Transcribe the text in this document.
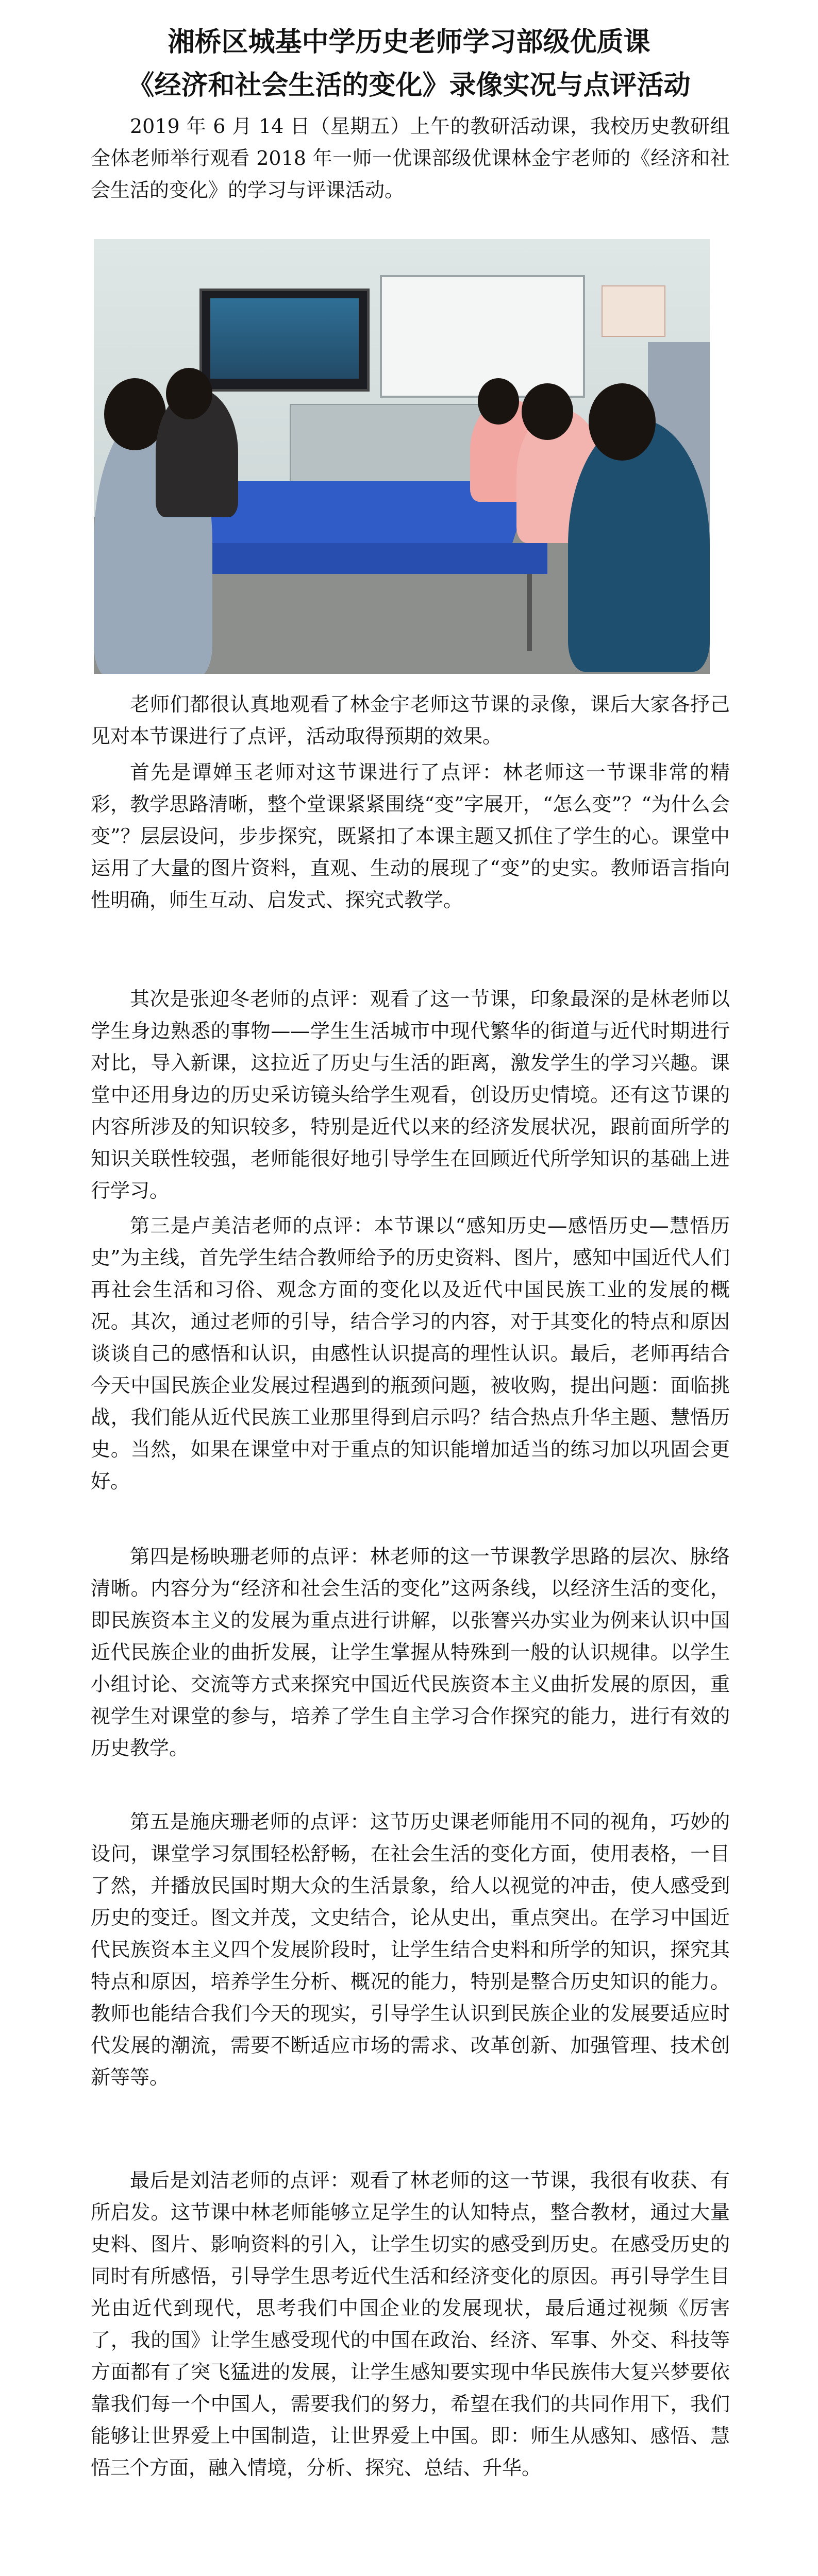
湘桥区城基中学历史老师学习部级优质课
《经济和社会生活的变化》录像实况与点评活动

2019 年 6 月 14 日（星期五）上午的教研活动课，我校历史教研组全体老师举行观看 2018 年一师一优课部级优课林金宇老师的《经济和社会生活的变化》的学习与评课活动。

老师们都很认真地观看了林金宇老师这节课的录像，课后大家各抒己见对本节课进行了点评，活动取得预期的效果。

首先是谭婵玉老师对这节课进行了点评：林老师这一节课非常的精彩，教学思路清晰，整个堂课紧紧围绕“变”字展开，“怎么变”？“为什么会变”？层层设问，步步探究，既紧扣了本课主题又抓住了学生的心。课堂中运用了大量的图片资料，直观、生动的展现了“变”的史实。教师语言指向性明确，师生互动、启发式、探究式教学。

其次是张迎冬老师的点评：观看了这一节课，印象最深的是林老师以学生身边熟悉的事物——学生生活城市中现代繁华的街道与近代时期进行对比，导入新课，这拉近了历史与生活的距离，激发学生的学习兴趣。课堂中还用身边的历史采访镜头给学生观看，创设历史情境。还有这节课的内容所涉及的知识较多，特别是近代以来的经济发展状况，跟前面所学的知识关联性较强，老师能很好地引导学生在回顾近代所学知识的基础上进行学习。

第三是卢美洁老师的点评：本节课以“感知历史—感悟历史—慧悟历史”为主线，首先学生结合教师给予的历史资料、图片，感知中国近代人们再社会生活和习俗、观念方面的变化以及近代中国民族工业的发展的概况。其次，通过老师的引导，结合学习的内容，对于其变化的特点和原因谈谈自己的感悟和认识，由感性认识提高的理性认识。最后，老师再结合今天中国民族企业发展过程遇到的瓶颈问题，被收购，提出问题：面临挑战，我们能从近代民族工业那里得到启示吗？结合热点升华主题、慧悟历史。当然，如果在课堂中对于重点的知识能增加适当的练习加以巩固会更好。

第四是杨映珊老师的点评：林老师的这一节课教学思路的层次、脉络清晰。内容分为“经济和社会生活的变化”这两条线，以经济生活的变化，即民族资本主义的发展为重点进行讲解，以张謇兴办实业为例来认识中国近代民族企业的曲折发展，让学生掌握从特殊到一般的认识规律。以学生小组讨论、交流等方式来探究中国近代民族资本主义曲折发展的原因，重视学生对课堂的参与，培养了学生自主学习合作探究的能力，进行有效的历史教学。

第五是施庆珊老师的点评：这节历史课老师能用不同的视角，巧妙的设问，课堂学习氛围轻松舒畅，在社会生活的变化方面，使用表格，一目了然，并播放民国时期大众的生活景象，给人以视觉的冲击，使人感受到历史的变迁。图文并茂，文史结合，论从史出，重点突出。在学习中国近代民族资本主义四个发展阶段时，让学生结合史料和所学的知识，探究其特点和原因，培养学生分析、概况的能力，特别是整合历史知识的能力。教师也能结合我们今天的现实，引导学生认识到民族企业的发展要适应时代发展的潮流，需要不断适应市场的需求、改革创新、加强管理、技术创新等等。

最后是刘洁老师的点评：观看了林老师的这一节课，我很有收获、有所启发。这节课中林老师能够立足学生的认知特点，整合教材，通过大量史料、图片、影响资料的引入，让学生切实的感受到历史。在感受历史的同时有所感悟，引导学生思考近代生活和经济变化的原因。再引导学生目光由近代到现代，思考我们中国企业的发展现状，最后通过视频《厉害了，我的国》让学生感受现代的中国在政治、经济、军事、外交、科技等方面都有了突飞猛进的发展，让学生感知要实现中华民族伟大复兴梦要依靠我们每一个中国人，需要我们的努力，希望在我们的共同作用下，我们能够让世界爱上中国制造，让世界爱上中国。即：师生从感知、感悟、慧悟三个方面，融入情境，分析、探究、总结、升华。
